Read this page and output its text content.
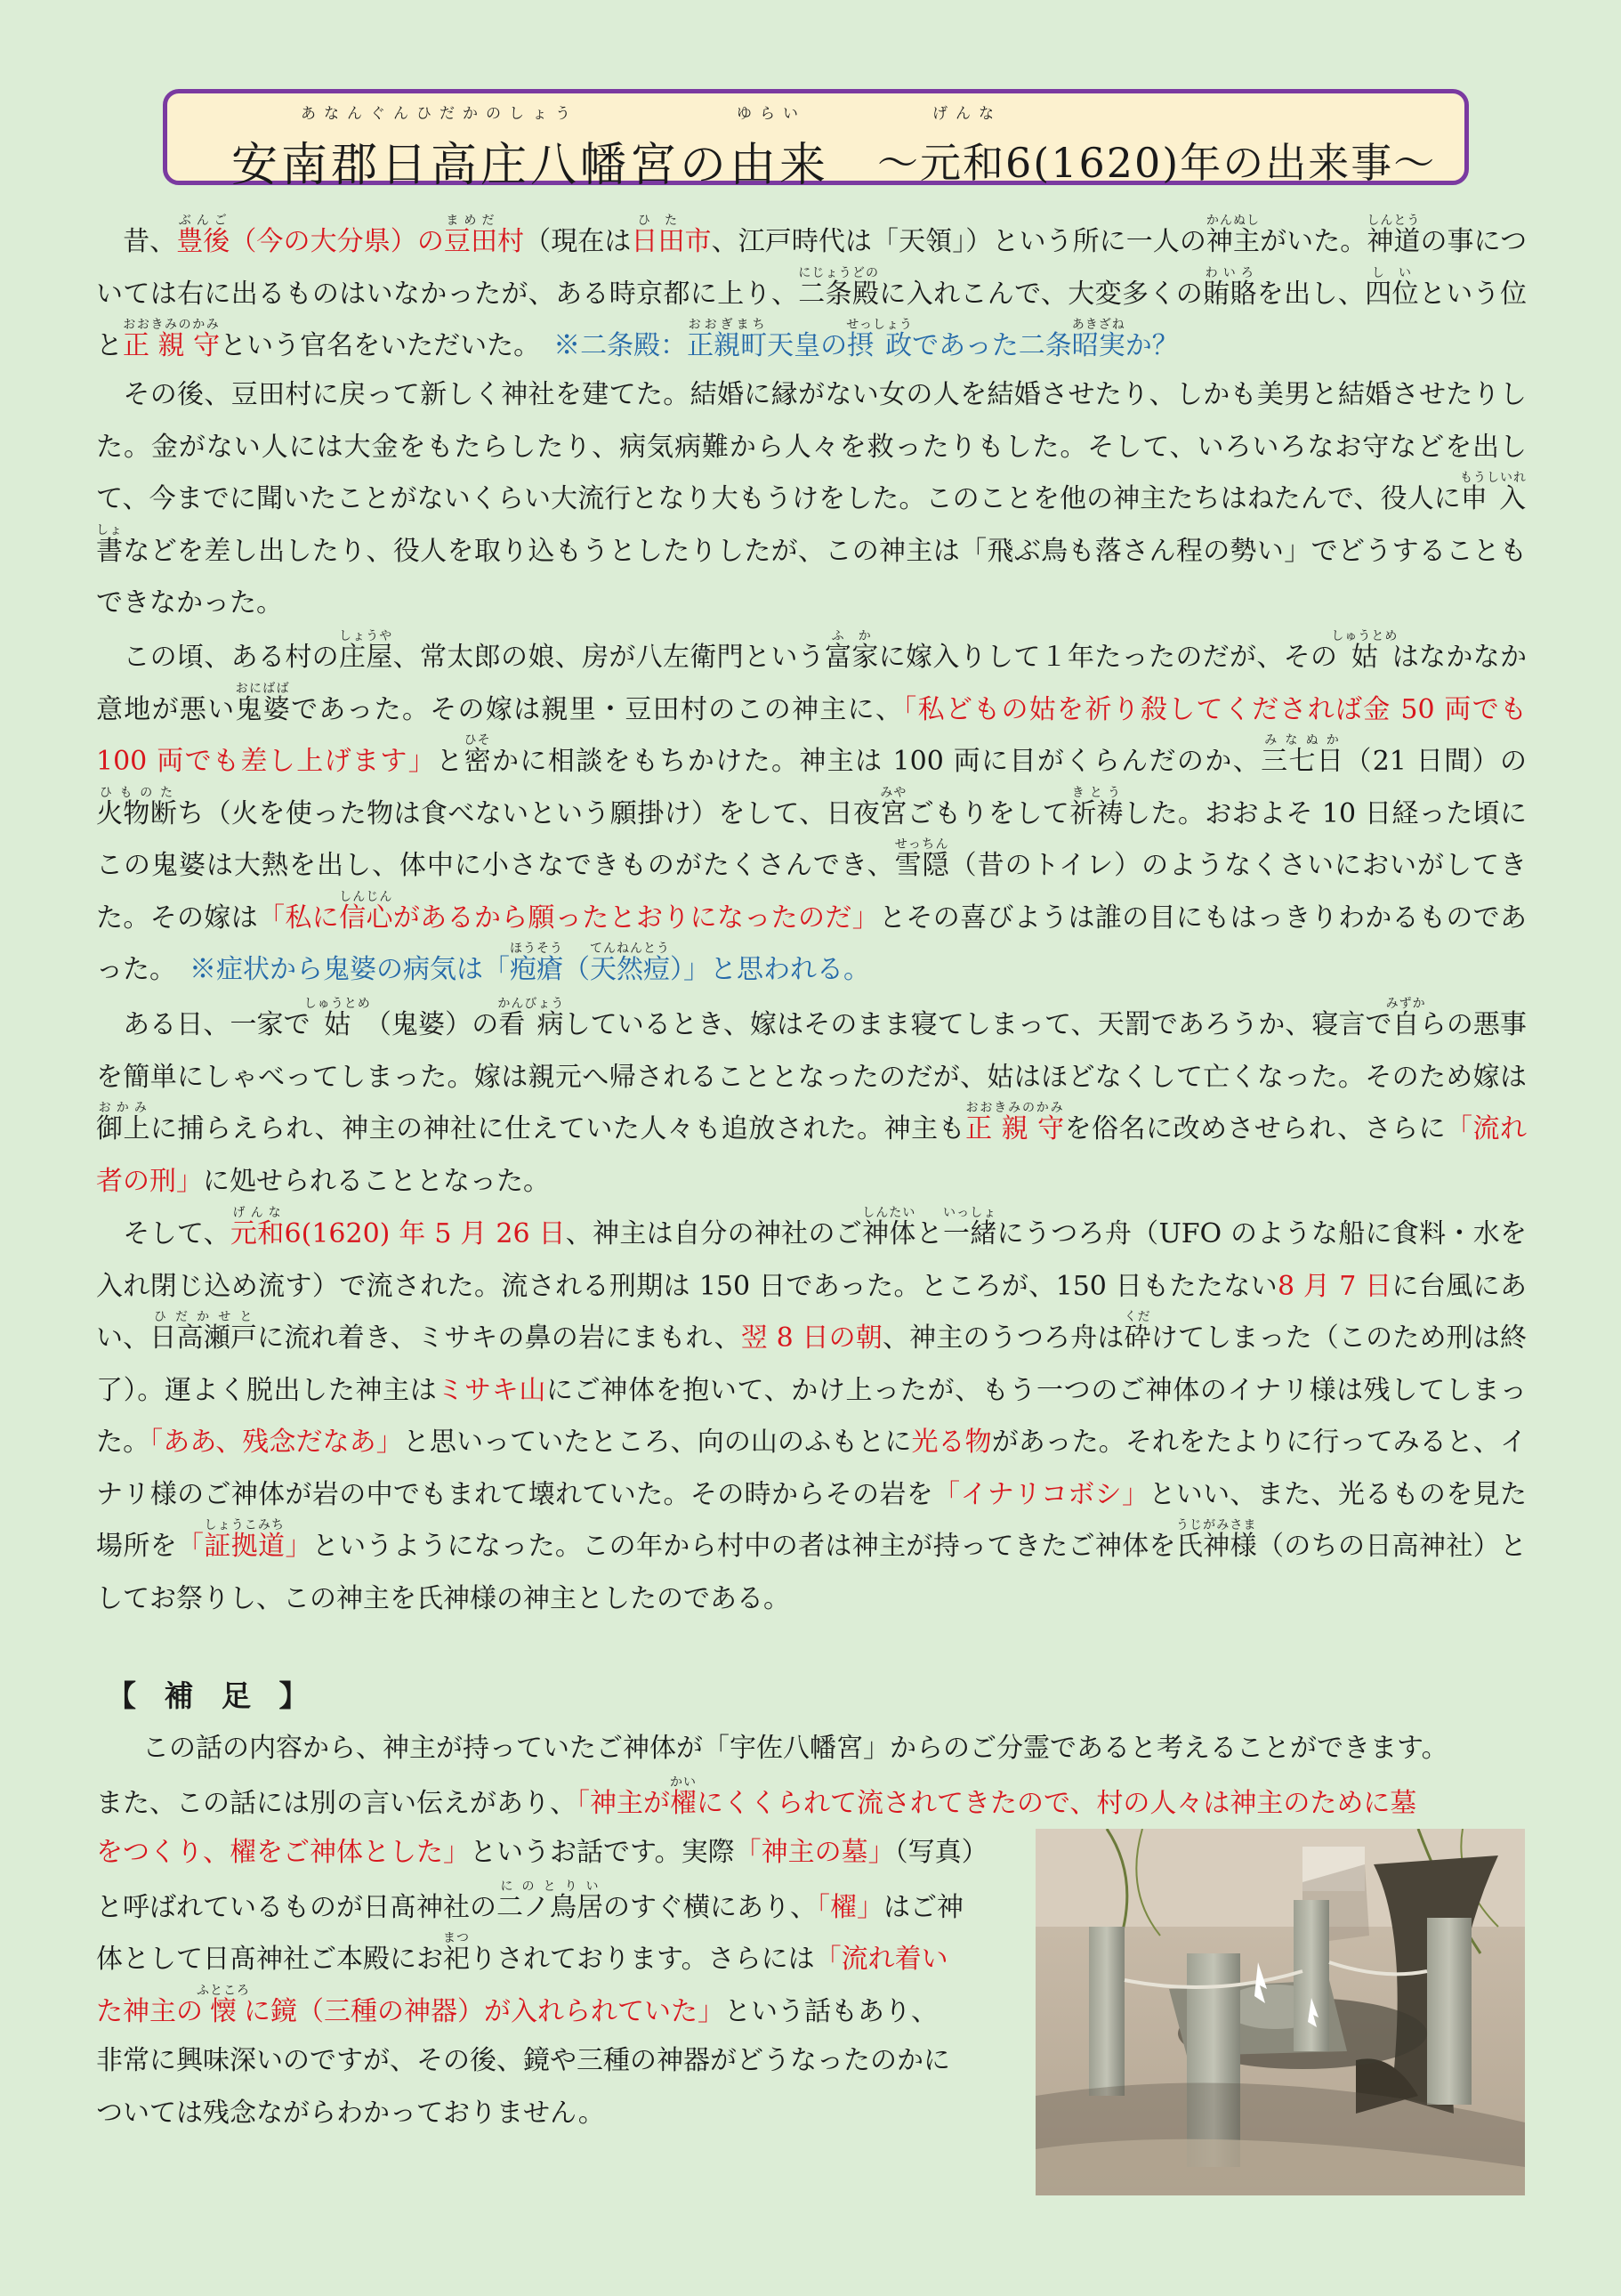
あなんぐんひだかのしょう	ゆらい	げんな
安南郡日高庄八幡宮の由来 ～元和6(1620)年の出来事～

　昔、豊後ぶんご（今の大分県）の豆田まめだ村（現在は日田ひた市、江戸時代は「天領」）という所に一人の神主かんぬしがいた。神道しんとうの事については右に出るものはいなかったが、ある時京都に上り、二条殿にじょうどのに入れこんで、大変多くの賄賂わいろを出し、四位しいという位と正 親 守おおきみのかみという官名をいただいた。　※二条殿：正親町おおぎまち天皇の摂 政せっしょうであった二条昭実あきざねか？

　その後、豆田村に戻って新しく神社を建てた。結婚に縁がない女の人を結婚させたり、しかも美男と結婚させたりした。金がない人には大金をもたらしたり、病気病難から人々を救ったりもした。そして、いろいろなお守などを出して、今までに聞いたことがないくらい大流行となり大もうけをした。このことを他の神主たちはねたんで、役人に申 入 書もうしいれしょなどを差し出したり、役人を取り込もうとしたりしたが、この神主は「飛ぶ鳥も落さん程の勢い」でどうすることもできなかった。

　この頃、ある村の庄屋しょうや、常太郎の娘、房が八左衛門という富家ふかに嫁入りして１年たったのだが、その姑しゅうとめはなかなか意地が悪い鬼婆おにばばであった。その嫁は親里・豆田村のこの神主に、「私どもの姑を祈り殺してくだされば金 50 両でも 100 両でも差し上げます」と密ひそかに相談をもちかけた。神主は 100 両に目がくらんだのか、三七日みなぬか（21 日間）の火物断ひものたち（火を使った物は食べないという願掛け）をして、日夜宮みやごもりをして祈祷きとうした。おおよそ 10 日経った頃にこの鬼婆は大熱を出し、体中に小さなできものがたくさんでき、雪隠せっちん（昔のトイレ）のようなくさいにおいがしてきた。その嫁は「私に信心しんじんがあるから願ったとおりになったのだ」とその喜びようは誰の目にもはっきりわかるものであった。　※症状から鬼婆の病気は「疱瘡ほうそう（天然痘てんねんとう）」と思われる。

　ある日、一家で姑しゅうとめ（鬼婆）の看 病かんびょうしているとき、嫁はそのまま寝てしまって、天罰であろうか、寝言で自みずからの悪事を簡単にしゃべってしまった。嫁は親元へ帰されることとなったのだが、姑はほどなくして亡くなった。そのため嫁は御上おかみに捕らえられ、神主の神社に仕えていた人々も追放された。神主も正 親 守おおきみのかみを俗名に改めさせられ、さらに「流れ者の刑」に処せられることとなった。

　そして、元和げんな6(1620) 年 5 月 26 日、神主は自分の神社のご神体しんたいと一緒いっしょにうつろ舟（UFO のような船に食料・水を入れ閉じ込め流す）で流された。流される刑期は 150 日であった。ところが、150 日もたたない8 月 7 日に台風にあい、日高瀬戸ひだかせとに流れ着き、ミサキの鼻の岩にまもれ、翌 8 日の朝、神主のうつろ舟は砕くだけてしまった（このため刑は終了）。運よく脱出した神主はミサキ山にご神体を抱いて、かけ上ったが、もう一つのご神体のイナリ様は残してしまった。「ああ、残念だなあ」と思いっていたところ、向の山のふもとに光る物があった。それをたよりに行ってみると、イナリ様のご神体が岩の中でもまれて壊れていた。その時からその岩を「イナリコボシ」といい、また、光るものを見た場所を「証拠道しょうこみち」というようになった。この年から村中の者は神主が持ってきたご神体を氏神様うじがみさま（のちの日高神社）としてお祭りし、この神主を氏神様の神主としたのである。

【 補 足 】

この話の内容から、神主が持っていたご神体が「宇佐八幡宮」からのご分霊であると考えることができます。

また、この話には別の言い伝えがあり、「神主が櫂かいにくくられて流されてきたので、村の人々は神主のために墓

をつくり、櫂をご神体とした」というお話です。実際「神主の墓」（写真）

と呼ばれているものが日髙神社の二ノ鳥居にのとりいのすぐ横にあり、「櫂」はご神

体として日髙神社ご本殿にお祀まつりされております。さらには「流れ着い

た神主の懐ふところに鏡（三種の神器）が入れられていた」という話もあり、

非常に興味深いのですが、その後、鏡や三種の神器がどうなったのかに

ついては残念ながらわかっておりません。
